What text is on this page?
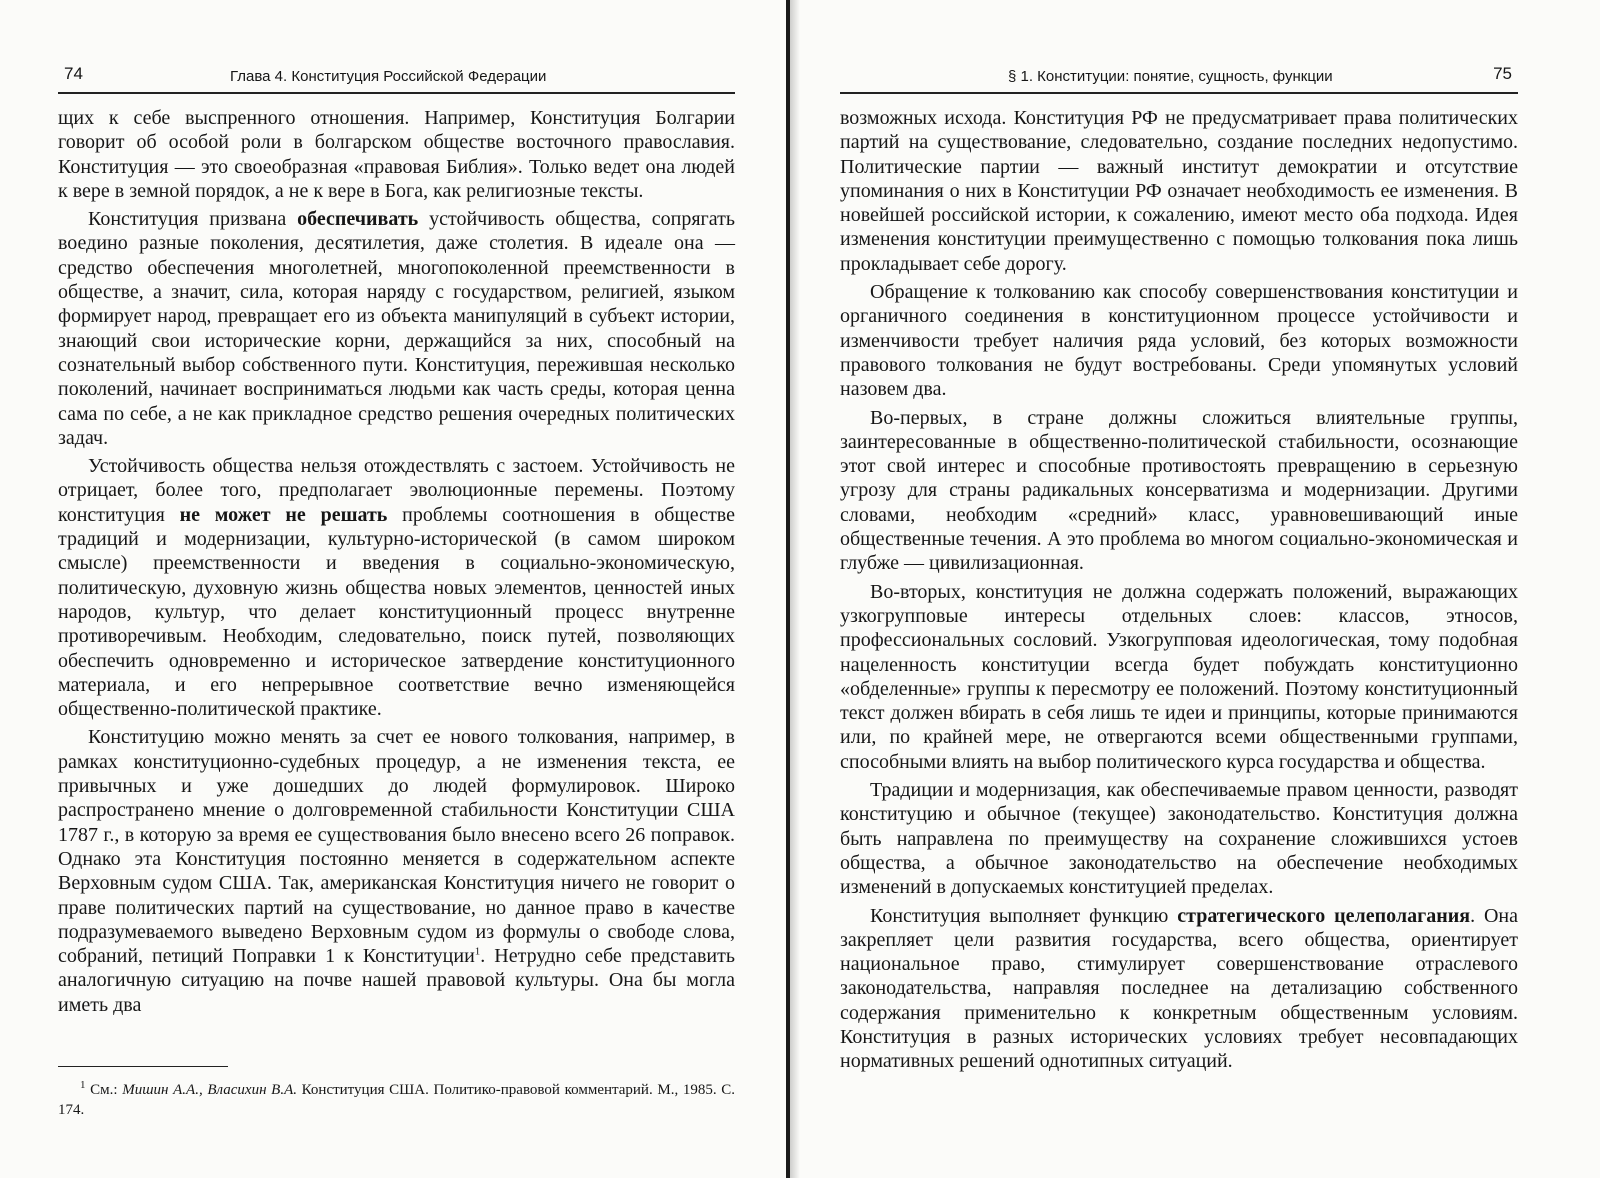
74	Глава 4. Конституция Российской Федерации

щих к себе выспренного отношения. Например, Конституция Болгарии говорит об особой роли в болгарском обществе восточного православия. Конституция — это своеобразная «правовая Библия». Только ведет она людей к вере в земной порядок, а не к вере в Бога, как религиозные тексты.

Конституция призвана обеспечивать устойчивость общества, сопрягать воедино разные поколения, десятилетия, даже столетия. В идеале она — средство обеспечения многолетней, многопоколенной преемственности в обществе, а значит, сила, которая наряду с государством, религией, языком формирует народ, превращает его из объекта манипуляций в субъект истории, знающий свои исторические корни, держащийся за них, способный на сознательный выбор собственного пути. Конституция, пережившая несколько поколений, начинает восприниматься людьми как часть среды, которая ценна сама по себе, а не как прикладное средство решения очередных политических задач.

Устойчивость общества нельзя отождествлять с застоем. Устойчивость не отрицает, более того, предполагает эволюционные перемены. Поэтому конституция не может не решать проблемы соотношения в обществе традиций и модернизации, культурно-исторической (в самом широком смысле) преемственности и введения в социально-экономическую, политическую, духовную жизнь общества новых элементов, ценностей иных народов, культур, что делает конституционный процесс внутренне противоречивым. Необходим, следовательно, поиск путей, позволяющих обеспечить одновременно и историческое затвердение конституционного материала, и его непрерывное соответствие вечно изменяющейся общественно-политической практике.

Конституцию можно менять за счет ее нового толкования, например, в рамках конституционно-судебных процедур, а не изменения текста, ее привычных и уже дошедших до людей формулировок. Широко распространено мнение о долговременной стабильности Конституции США 1787 г., в которую за время ее существования было внесено всего 26 поправок. Однако эта Конституция постоянно меняется в содержательном аспекте Верховным судом США. Так, американская Конституция ничего не говорит о праве политических партий на существование, но данное право в качестве подразумеваемого выведено Верховным судом из формулы о свободе слова, собраний, петиций Поправки 1 к Конституции$^1$. Нетрудно себе представить аналогичную ситуацию на почве нашей правовой культуры. Она бы могла иметь два

$^1$ См.: Мишин А.А., Власихин В.А. Конституция США. Политико-правовой комментарий. М., 1985. С. 174.
§ 1. Конституции: понятие, сущность, функции	75

возможных исхода. Конституция РФ не предусматривает права политических партий на существование, следовательно, создание последних недопустимо. Политические партии — важный институт демократии и отсутствие упоминания о них в Конституции РФ означает необходимость ее изменения. В новейшей российской истории, к сожалению, имеют место оба подхода. Идея изменения конституции преимущественно с помощью толкования пока лишь прокладывает себе дорогу.

Обращение к толкованию как способу совершенствования конституции и органичного соединения в конституционном процессе устойчивости и изменчивости требует наличия ряда условий, без которых возможности правового толкования не будут востребованы. Среди упомянутых условий назовем два.

Во-первых, в стране должны сложиться влиятельные группы, заинтересованные в общественно-политической стабильности, осознающие этот свой интерес и способные противостоять превращению в серьезную угрозу для страны радикальных консерватизма и модернизации. Другими словами, необходим «средний» класс, уравновешивающий иные общественные течения. А это проблема во многом социально-экономическая и глубже — цивилизационная.

Во-вторых, конституция не должна содержать положений, выражающих узкогрупповые интересы отдельных слоев: классов, этносов, профессиональных сословий. Узкогрупповая идеологическая, тому подобная нацеленность конституции всегда будет побуждать конституционно «обделенные» группы к пересмотру ее положений. Поэтому конституционный текст должен вбирать в себя лишь те идеи и принципы, которые принимаются или, по крайней мере, не отвергаются всеми общественными группами, способными влиять на выбор политического курса государства и общества.

Традиции и модернизация, как обеспечиваемые правом ценности, разводят конституцию и обычное (текущее) законодательство. Конституция должна быть направлена по преимуществу на сохранение сложившихся устоев общества, а обычное законодательство на обеспечение необходимых изменений в допускаемых конституцией пределах.

Конституция выполняет функцию стратегического целеполагания. Она закрепляет цели развития государства, всего общества, ориентирует национальное право, стимулирует совершенствование отраслевого законодательства, направляя последнее на детализацию собственного содержания применительно к конкретным общественным условиям. Конституция в разных исторических условиях требует несовпадающих нормативных решений однотипных ситуаций.
